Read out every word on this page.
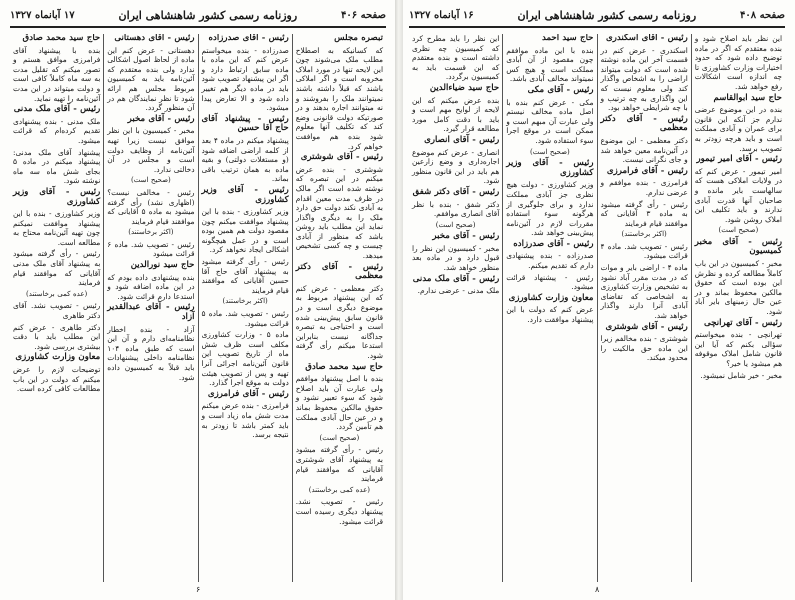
صفحه ۴۰۶
روزنامه رسمی کشور شاهنشاهی ایران
۱۷ آبانماه ۱۳۲۷

تبصره مجلس

که کسانیکه به اصطلاح مطلب ملک می‌شوند چون این لایحه تنها در مورد املاک مخروبه است و اگر املاکی باشند که قبلاً داشته باشند نمیتوانند ملک را بفروشند و نه میتوانند اجاره بدهند و در صورتیکه دولت قانونی وضع کند که تکلیف آنها معلوم شود بنده هم موافقت خواهم کرد.

رئیس - آقای شوشتری

شوشتری - بنده عرض میکنم در این تبصره که نوشته شده است اگر مالک در ظرف مدت معین اقدام به آبادی نکند دولت حق دارد ملک را به دیگری واگذار نماید این مطلب باید روشن باشد که منظور از آبادی چیست و چه کسی تشخیص میدهد.

رئیس - آقای دکتر معظمی

دکتر معظمی - عرض کنم که این پیشنهاد مربوط به موضوع دیگری است و در قانون سابق پیش‌بینی شده است و احتیاجی به تبصره جداگانه نیست بنابراین استدعا میکنم رأی گرفته شود.

حاج سید محمد صادق

بنده با اصل پیشنهاد موافقم ولی عبارت آن باید اصلاح شود که سوء تعبیر نشود و حقوق مالکین محفوظ بماند و در عین حال آبادی مملکت هم تأمین گردد.

(صحیح است)

رئیس - رأی گرفته میشود به پیشنهاد آقای شوشتری آقایانی که موافقند قیام فرمایند

(عده کمی برخاستند)

رئیس - تصویب نشد. پیشنهاد دیگری رسیده است قرائت میشود.

رئیس - آقای صدرزاده

صدرزاده - بنده میخواستم عرض کنم که این ماده با ماده سابق ارتباط دارد و اگر این پیشنهاد تصویب شود باید در ماده دیگر هم تغییر داده شود و الا تعارض پیدا میشود.

رئیس - پیشنهاد آقای حاج آقا حسین

پیشنهاد میکنم در ماده ۴ بعد از کلمه اراضی اضافه شود (و مستغلات دولتی) و بقیه ماده به همان ترتیب باقی بماند.

رئیس - آقای وزیر کشاورزی

وزیر کشاورزی - بنده با این پیشنهاد موافقت میکنم چون مقصود دولت هم همین بوده است و در عمل هیچگونه اشکالی ایجاد نخواهد کرد.

رئیس - رأی گرفته میشود به پیشنهاد آقای حاج آقا حسین آقایانی که موافقند قیام فرمایند

(اکثر برخاستند)

رئیس - تصویب شد. ماده ۵ قرائت میشود.

ماده ۵ - وزارت کشاورزی مکلف است ظرف شش ماه از تاریخ تصویب این قانون آئین‌نامه اجرائی آنرا تهیه و پس از تصویب هیئت دولت به موقع اجرا گذارد.

رئیس - آقای فرامرزی

فرامرزی - بنده عرض میکنم مدت شش ماه زیاد است و باید کمتر باشد تا زودتر به نتیجه برسد.

رئیس - آقای دهستانی

دهستانی - عرض کنم این ماده از لحاظ اصول اشکالی ندارد ولی بنده معتقدم که آئین‌نامه باید به کمیسیون مربوط مجلس هم ارائه شود تا نظر نمایندگان هم در آن منظور گردد.

رئیس - آقای مخبر

مخبر - کمیسیون با این نظر موافق نیست زیرا تهیه آئین‌نامه از وظایف دولت است و مجلس در آن دخالتی ندارد.

(صحیح است)

رئیس - مخالفی نیست؟ (اظهاری نشد) رأی گرفته میشود به ماده ۵ آقایانی که موافقند قیام فرمایند

(اکثر برخاستند)

رئیس - تصویب شد. ماده ۶ قرائت میشود

حاج سید نورالدین

بنده پیشنهادی داده بودم که در این ماده اضافه شود و استدعا دارم قرائت شود.

رئیس - آقای عبدالقدیر آزاد

آزاد - بنده اخطار نظامنامه‌ای دارم و آن این است که طبق ماده ۱۰۴ نظامنامه داخلی پیشنهادات باید قبلاً به کمیسیون داده شود.

حاج سید محمد صادق

بنده با پیشنهاد آقای فرامرزی موافق هستم و تصور میکنم که تقلیل مدت به سه ماه کاملاً کافی است و دولت میتواند در این مدت آئین‌نامه را تهیه نماید.

رئیس - آقای ملک مدنی

ملک مدنی - بنده پیشنهادی تقدیم کرده‌ام که قرائت میشود.

پیشنهاد آقای ملک مدنی: پیشنهاد میکنم در ماده ۵ بجای شش ماه سه ماه نوشته شود.

رئیس - آقای وزیر کشاورزی

وزیر کشاورزی - بنده با این پیشنهاد موافقت نمیکنم چون تهیه آئین‌نامه محتاج به مطالعه است.

رئیس - رأی گرفته میشود به پیشنهاد آقای ملک مدنی آقایانی که موافقند قیام فرمایند

(عده کمی برخاستند)

رئیس - تصویب نشد. آقای دکتر طاهری

دکتر طاهری - عرض کنم این مطلب باید با دقت بیشتری بررسی شود.

معاون وزارت کشاورزی

توضیحات لازم را عرض میکنم که دولت در این باب مطالعات کافی کرده است.

۶
صفحه ۴۰۸
روزنامه رسمی کشور شاهنشاهی ایران
۱۶ آبانماه ۱۳۲۷

این نظر باید اصلاح شود و بنده معتقدم که اگر در ماده توضیح داده شود که حدود اختیارات وزارت کشاورزی تا چه اندازه است اشکالات رفع خواهد شد.

حاج سید ابوالقاسم

بنده در این موضوع عرضی ندارم جز آنکه این قانون برای عمران و آبادی مملکت است و باید هرچه زودتر به تصویب برسد.

رئیس - آقای امیر تیمور

امیر تیمور - عرض کنم که در ولایات املاکی هست که سالهاست بایر مانده و صاحبان آنها قدرت آبادی ندارند و باید تکلیف این املاک روشن شود.

(صحیح است)

رئیس - آقای مخبر کمیسیون

مخبر - کمیسیون در این باب کاملاً مطالعه کرده و نظرش این بوده است که حقوق مالکین محفوظ بماند و در عین حال زمینهای بایر آباد شود.

رئیس - آقای تهرانچی

تهرانچی - بنده میخواستم سؤالی بکنم که آیا این قانون شامل املاک موقوفه هم میشود یا خیر؟

مخبر - خیر شامل نمیشود.

رئیس - آقای اسکندری

اسکندری - عرض کنم در قسمت آخر این ماده نوشته شده است که دولت میتواند اراضی را به اشخاص واگذار کند ولی معلوم نیست که این واگذاری به چه ترتیب و با چه شرایطی خواهد بود.

رئیس - آقای دکتر معظمی

دکتر معظمی - این موضوع در آئین‌نامه معین خواهد شد و جای نگرانی نیست.

رئیس - آقای فرامرزی

فرامرزی - بنده موافقم و عرضی ندارم.

رئیس - رأی گرفته میشود به ماده ۳ آقایانی که موافقند قیام فرمایند

(اکثر برخاستند)

رئیس - تصویب شد. ماده ۴ قرائت میشود.

ماده ۴ - اراضی بایر و موات که در مدت مقرر آباد نشود به تشخیص وزارت کشاورزی به اشخاصی که تقاضای آبادی آنرا دارند واگذار خواهد شد.

رئیس - آقای شوشتری

شوشتری - بنده مخالفم زیرا این ماده حق مالکیت را محدود میکند.

حاج سید احمد

بنده با این ماده موافقم چون مقصود از آن آبادی مملکت است و هیچ کس نمیتواند مخالف آبادی باشد.

رئیس - آقای مکی

مکی - عرض کنم بنده با اصل ماده مخالف نیستم ولی عبارت آن مبهم است و ممکن است در موقع اجرا سوء استفاده شود.

(صحیح است)

رئیس - آقای وزیر کشاورزی

وزیر کشاورزی - دولت هیچ نظری جز آبادی مملکت ندارد و برای جلوگیری از هرگونه سوء استفاده مقررات لازم در آئین‌نامه پیش‌بینی خواهد شد.

رئیس - آقای صدرزاده

صدرزاده - بنده پیشنهادی دارم که تقدیم میکنم.

رئیس - پیشنهاد قرائت میشود.

معاون وزارت کشاورزی

عرض کنم که دولت با این پیشنهاد موافقت دارد.

این نظر را باید مطرح کرد که کمیسیون چه نظری داشته است و بنده معتقدم که این قسمت باید به کمیسیون برگردد.

حاج سید ضیاءالدین

بنده عرض میکنم که این لایحه از لوایح مهم است و باید با دقت کامل مورد مطالعه قرار گیرد.

رئیس - آقای انصاری

انصاری - عرض کنم موضوع اجاره‌داری و وضع زارعین هم باید در این قانون منظور شود.

رئیس - آقای دکتر شفق

دکتر شفق - بنده با نظر آقای انصاری موافقم.

(صحیح است)

رئیس - آقای مخبر

مخبر - کمیسیون این نظر را قبول دارد و در ماده بعد منظور خواهد شد.

رئیس - آقای ملک مدنی

ملک مدنی - عرضی ندارم.

۸
